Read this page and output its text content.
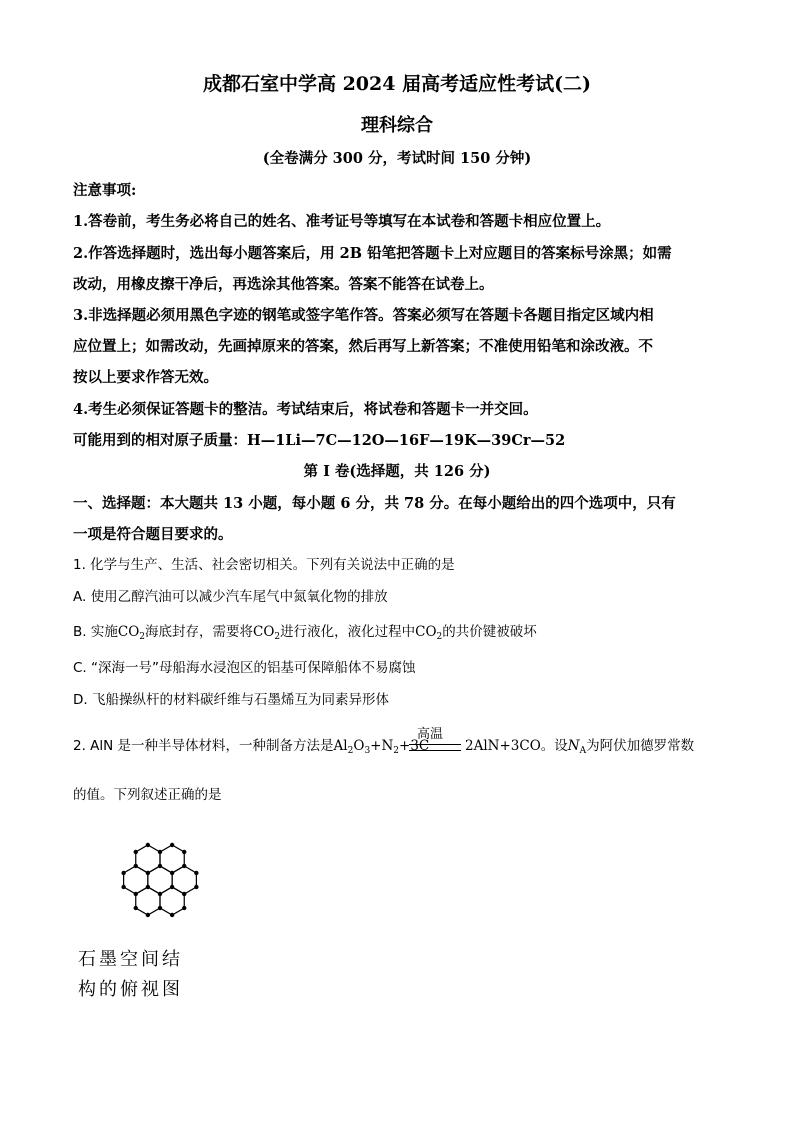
成都石室中学高 2024 届高考适应性考试(二)
理科综合
(全卷满分 300 分，考试时间 150 分钟)
注意事项:
1.答卷前，考生务必将自己的姓名、准考证号等填写在本试卷和答题卡相应位置上。
2.作答选择题时，选出每小题答案后，用 2B 铅笔把答题卡上对应题目的答案标号涂黑；如需
改动，用橡皮擦干净后，再选涂其他答案。答案不能答在试卷上。
3.非选择题必须用黑色字迹的钢笔或签字笔作答。答案必须写在答题卡各题目指定区域内相
应位置上；如需改动，先画掉原来的答案，然后再写上新答案；不准使用铅笔和涂改液。不
按以上要求作答无效。
4.考生必须保证答题卡的整洁。考试结束后，将试卷和答题卡一并交回。
可能用到的相对原子质量：H—1Li—7C—12O—16F—19K—39Cr—52
第 I 卷(选择题，共 126 分)
一、选择题：本大题共 13 小题，每小题 6 分，共 78 分。在每小题给出的四个选项中，只有
一项是符合题目要求的。
1. 化学与生产、生活、社会密切相关。下列有关说法中正确的是
A. 使用乙醇汽油可以减少汽车尾气中氮氧化物的排放
B. 实施$CO_2$海底封存，需要将$CO_2$进行液化，液化过程中$CO_2$的共价键被破坏
C. “深海一号”母船海水浸泡区的铝基可保障船体不易腐蚀
D. 飞船操纵杆的材料碳纤维与石墨烯互为同素异形体
高温
2. AlN 是一种半导体材料，一种制备方法是$Al_2O_3+N_2+3C$	2AlN+3CO。设$N_A$为阿伏加德罗常数
的值。下列叙述正确的是
石墨空间结
构的俯视图
